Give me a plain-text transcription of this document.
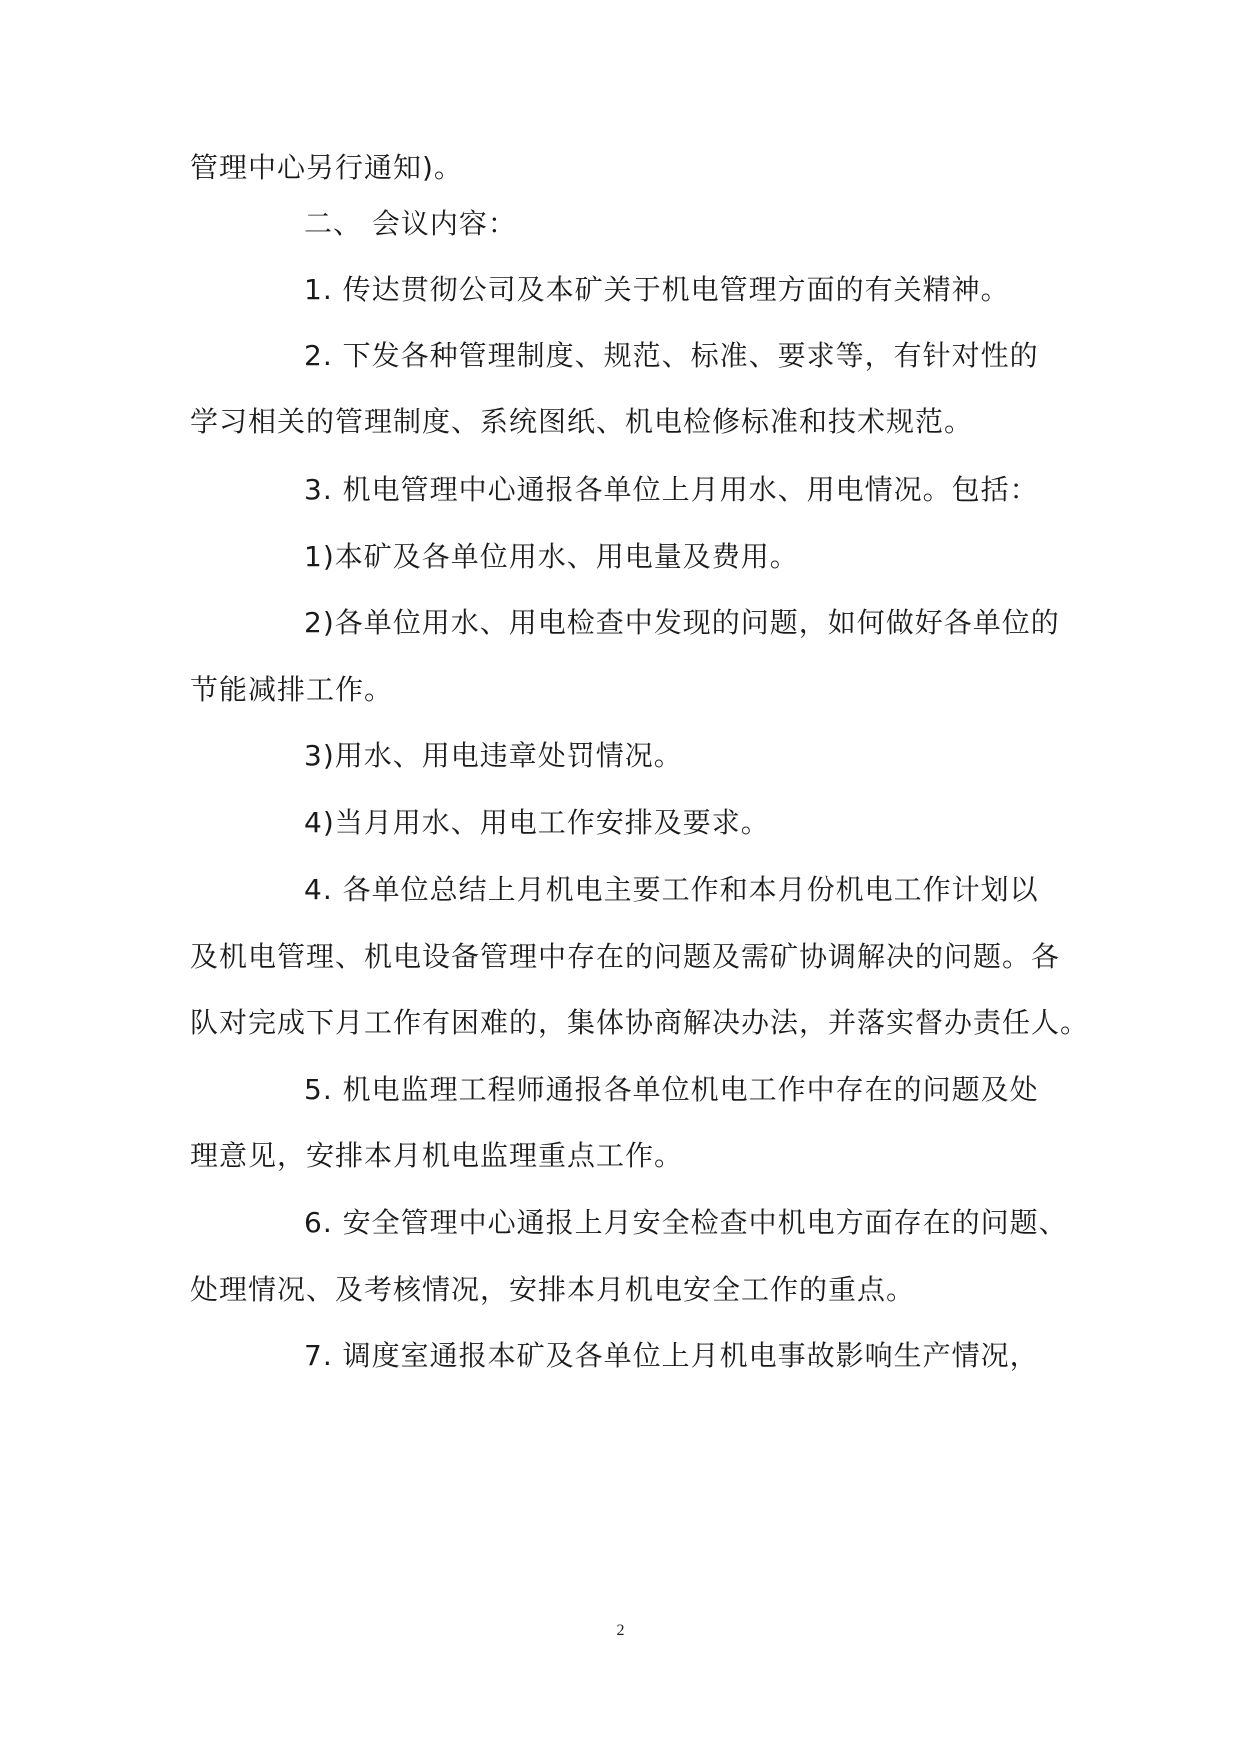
管理中心另行通知)。
二、 会议内容：
1. 传达贯彻公司及本矿关于机电管理方面的有关精神。
2. 下发各种管理制度、规范、标准、要求等，有针对性的
学习相关的管理制度、系统图纸、机电检修标准和技术规范。
3. 机电管理中心通报各单位上月用水、用电情况。包括：
1)本矿及各单位用水、用电量及费用。
2)各单位用水、用电检查中发现的问题，如何做好各单位的
节能减排工作。
3)用水、用电违章处罚情况。
4)当月用水、用电工作安排及要求。
4. 各单位总结上月机电主要工作和本月份机电工作计划以
及机电管理、机电设备管理中存在的问题及需矿协调解决的问题。各
队对完成下月工作有困难的，集体协商解决办法，并落实督办责任人。
5. 机电监理工程师通报各单位机电工作中存在的问题及处
理意见，安排本月机电监理重点工作。
6. 安全管理中心通报上月安全检查中机电方面存在的问题、
处理情况、及考核情况，安排本月机电安全工作的重点。
7. 调度室通报本矿及各单位上月机电事故影响生产情况，
2
